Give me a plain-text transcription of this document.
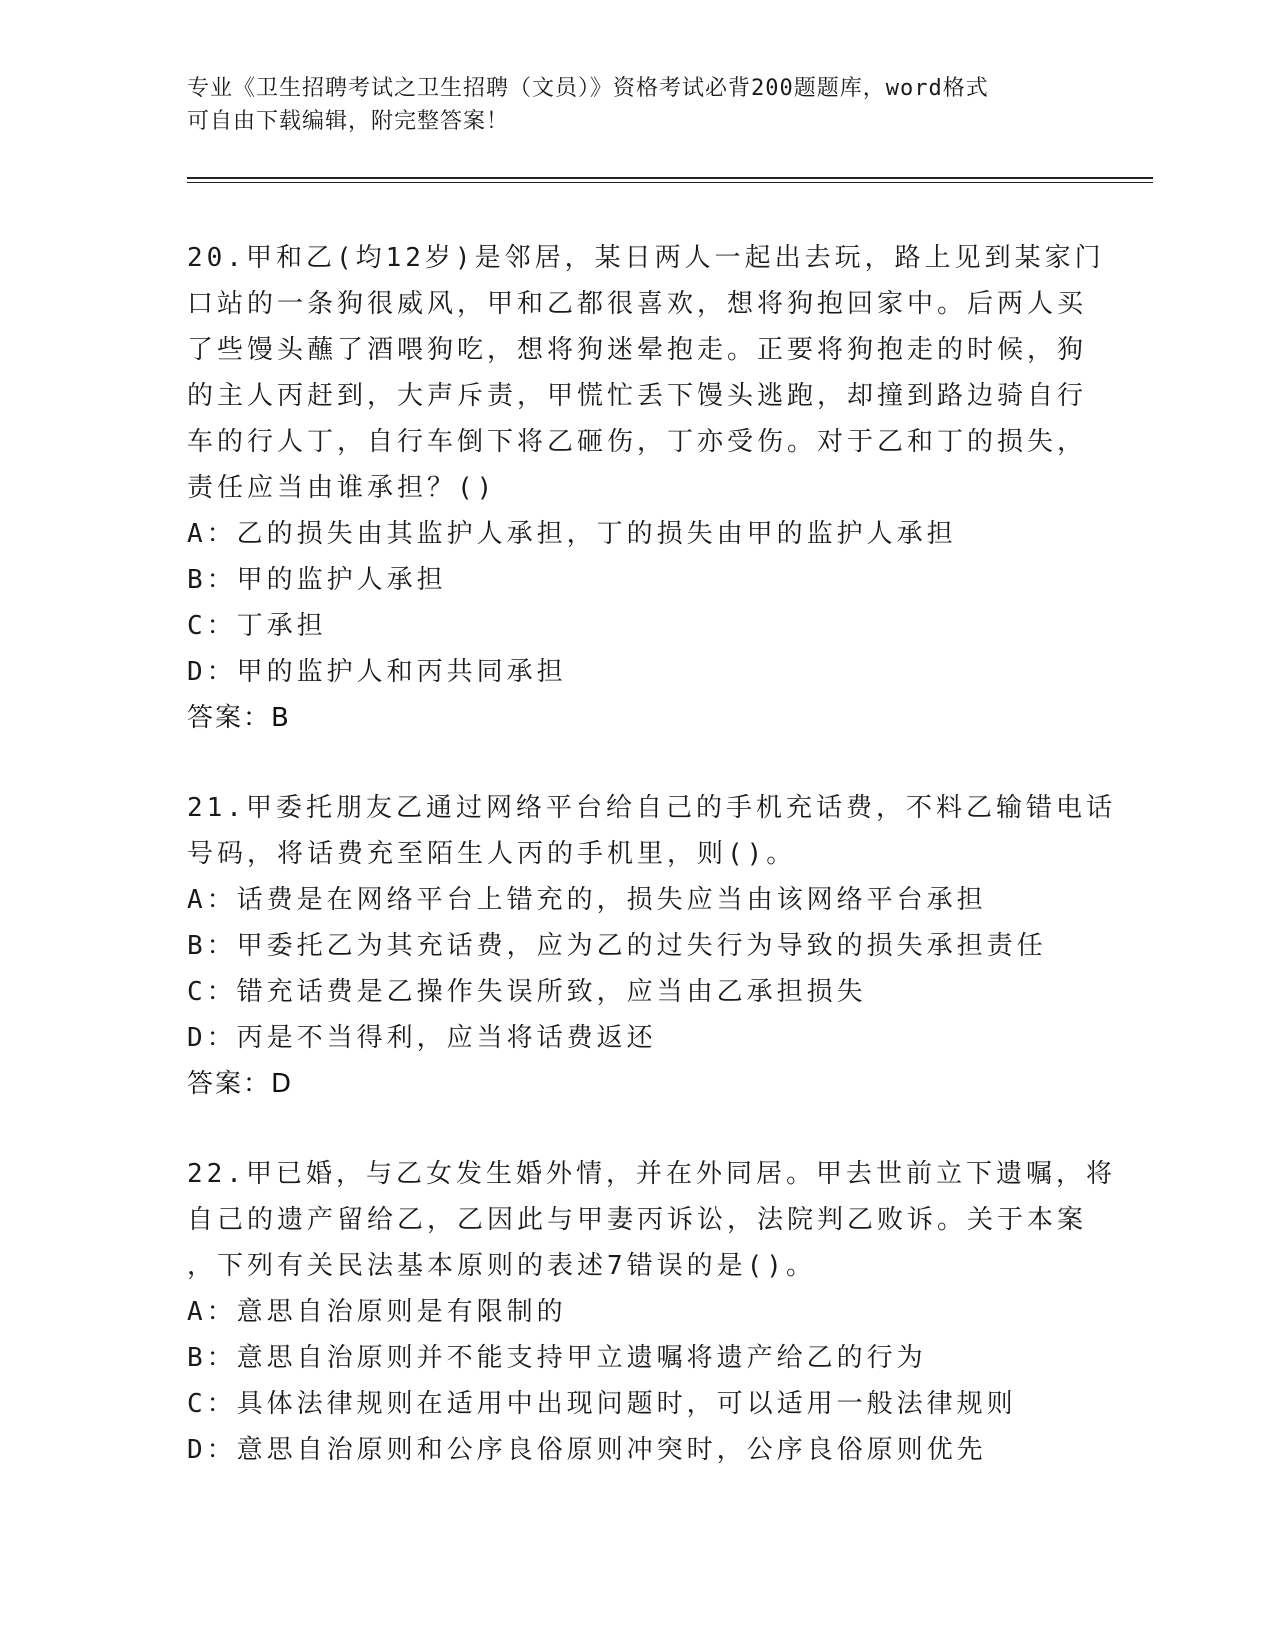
专业《卫生招聘考试之卫生招聘（文员）》资格考试必背200题题库，word格式
可自由下载编辑，附完整答案！
20.甲和乙(均12岁)是邻居，某日两人一起出去玩，路上见到某家门
口站的一条狗很威风，甲和乙都很喜欢，想将狗抱回家中。后两人买
了些馒头蘸了酒喂狗吃，想将狗迷晕抱走。正要将狗抱走的时候，狗
的主人丙赶到，大声斥责，甲慌忙丢下馒头逃跑，却撞到路边骑自行
车的行人丁，自行车倒下将乙砸伤，丁亦受伤。对于乙和丁的损失，
责任应当由谁承担？()
A：乙的损失由其监护人承担，丁的损失由甲的监护人承担
B：甲的监护人承担
C：丁承担
D：甲的监护人和丙共同承担
答案：B
21.甲委托朋友乙通过网络平台给自己的手机充话费，不料乙输错电话
号码，将话费充至陌生人丙的手机里，则()。
A：话费是在网络平台上错充的，损失应当由该网络平台承担
B：甲委托乙为其充话费，应为乙的过失行为导致的损失承担责任
C：错充话费是乙操作失误所致，应当由乙承担损失
D：丙是不当得利，应当将话费返还
答案：D
22.甲已婚，与乙女发生婚外情，并在外同居。甲去世前立下遗嘱，将
自己的遗产留给乙，乙因此与甲妻丙诉讼，法院判乙败诉。关于本案
，下列有关民法基本原则的表述7错误的是()。
A：意思自治原则是有限制的
B：意思自治原则并不能支持甲立遗嘱将遗产给乙的行为
C：具体法律规则在适用中出现问题时，可以适用一般法律规则
D：意思自治原则和公序良俗原则冲突时，公序良俗原则优先
